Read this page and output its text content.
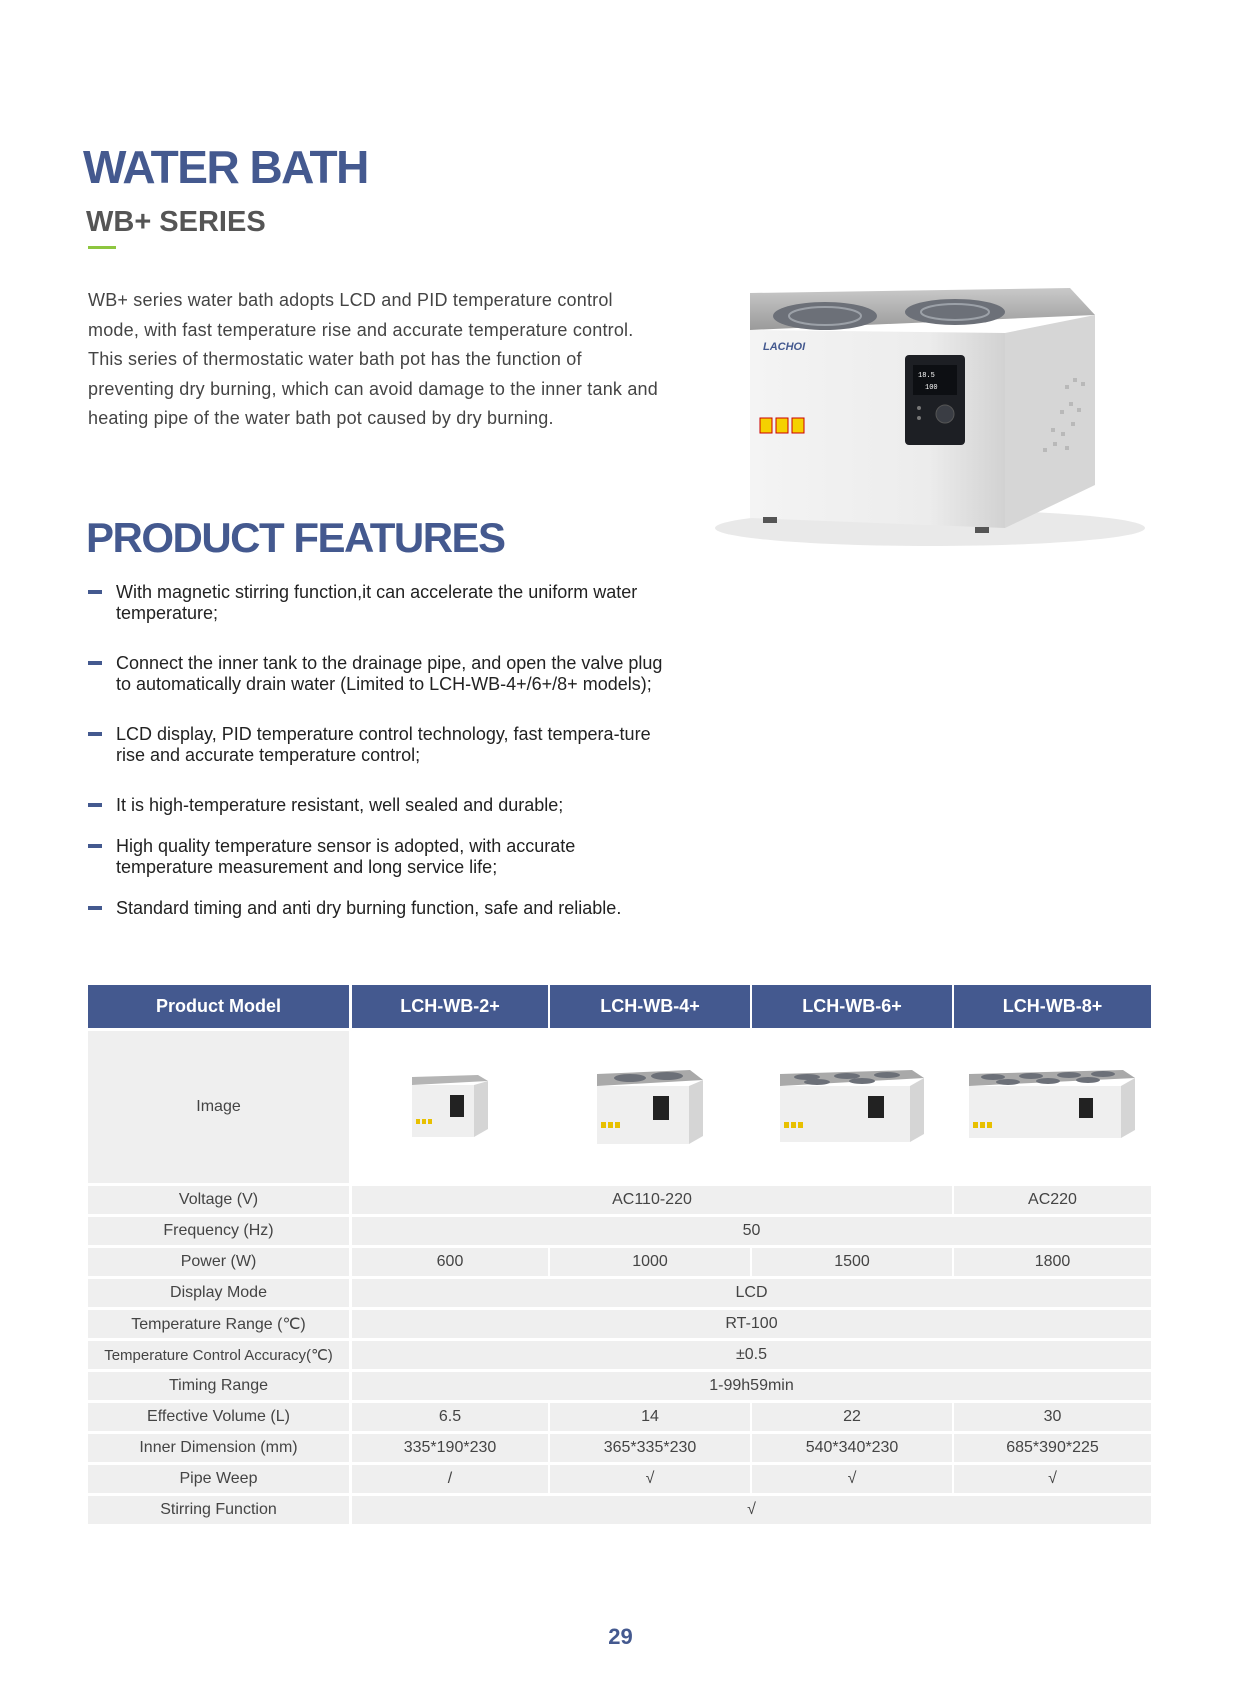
WATER BATH
WB+ SERIES

WB+ series water bath adopts LCD and PID temperature control mode, with fast temperature rise and accurate temperature control. This series of thermostatic water bath pot has the function of preventing dry burning, which can avoid damage to the inner tank and heating pipe of the water bath pot caused by dry burning.

LACHOI
18.5
100
PRODUCT FEATURES
With magnetic stirring function,it can accelerate the uniform water temperature;
Connect the inner tank to the drainage pipe, and open the valve plug to automatically drain water (Limited to LCH-WB-4+/6+/8+ models);
LCD display, PID temperature control technology, fast tempera-ture rise and accurate temperature control;
It is high-temperature resistant, well sealed and durable;
High quality temperature sensor is adopted, with accurate temperature measurement and long service life;
Standard timing and anti dry burning function, safe and reliable.
Product Model	LCH-WB-2+	LCH-WB-4+	LCH-WB-6+	LCH-WB-8+
Image
Voltage (V)	AC110-220	AC220
Frequency (Hz)	50
Power (W)	600	1000	1500	1800
Display Mode	LCD
Temperature Range (℃)	RT-100
Temperature Control Accuracy(℃)	±0.5
Timing Range	1-99h59min
Effective Volume (L)	6.5	14	22	30
Inner Dimension (mm)	335*190*230	365*335*230	540*340*230	685*390*225
Pipe Weep	/	√	√	√
Stirring Function	√
29
